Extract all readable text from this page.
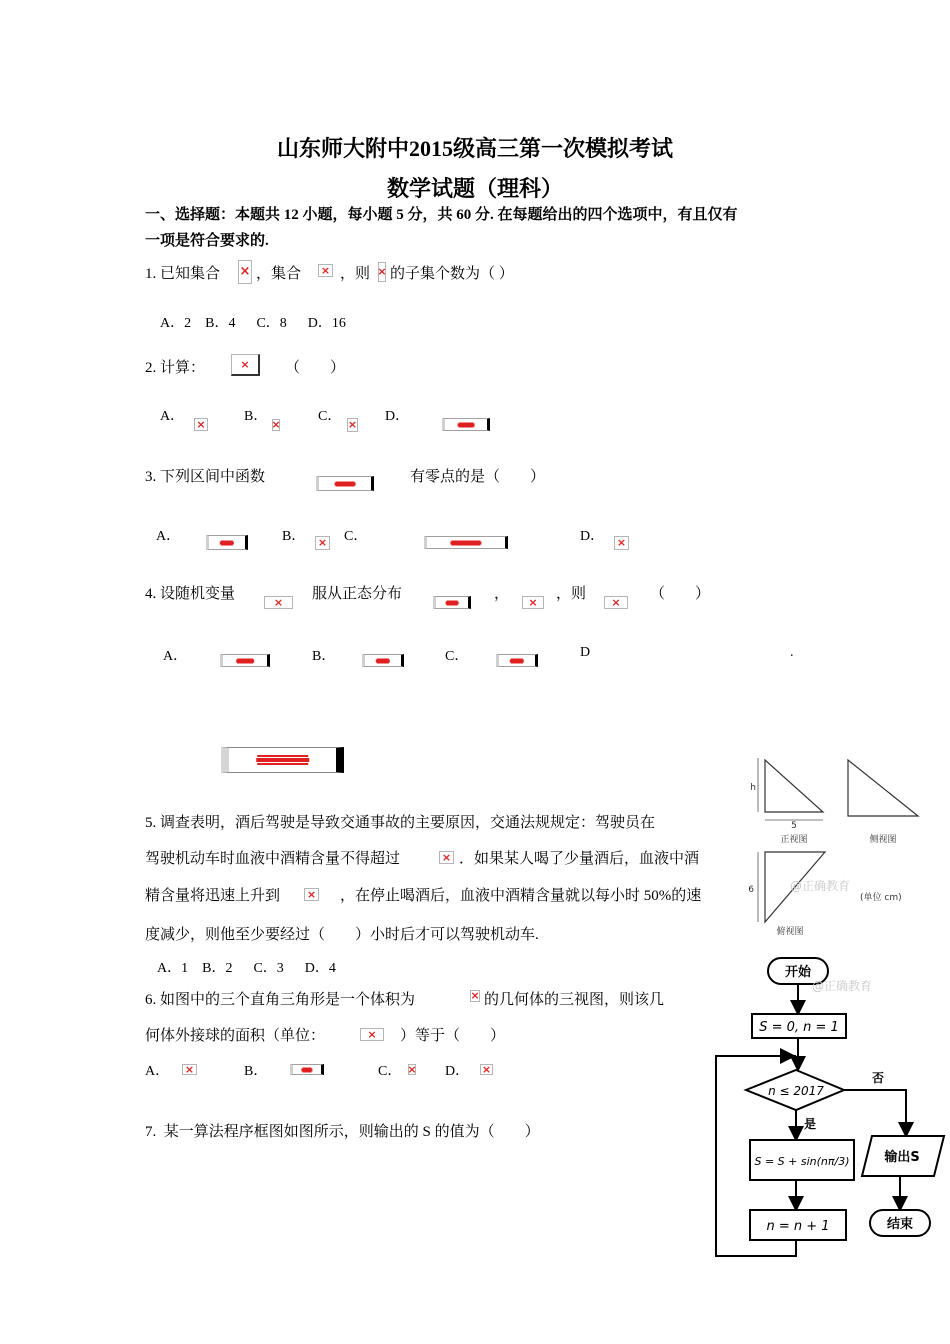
山东师大附中2015级高三第一次模拟考试
数学试题（理科）
一、选择题：本题共 12 小题，每小题 5 分，共 60 分. 在每题给出的四个选项中，有且仅有
一项是符合要求的.
1. 已知集合 × ，集合 ×	，则 × 的子集个数为（ ）
A．2    B．4      C．8      D．16
2. 计算： ×	（        ）
A．
×	B．
×	C．
×	D．
3. 下列区间中函数	有零点的是（        ）
A．	B． ×	C．	D．
×
4. 设随机变量
×	服从正态分布	，
×	，则
×	（        ）
A．	B．	C．	D	.
h
5
正视图	侧视图
6
俯视图
(单位 cm)
@正确教育
5. 调查表明，酒后驾驶是导致交通事故的主要原因，交通法规规定：驾驶员在
驾驶机动车时血液中酒精含量不得超过 ×	．如果某人喝了少量酒后，血液中酒
精含量将迅速上升到 ×	，在停止喝酒后，血液中酒精含量就以每小时 50%的速
度减少，则他至少要经过（        ）小时后才可以驾驶机动车.
A．1    B．2      C．3      D．4
6. 如图中的三个直角三角形是一个体积为 ×	的几何体的三视图，则该几
何体外接球的面积（单位： ×	）等于（        ）
A． ×	B．	C． ×	D．
×
7.  某一算法程序框图如图所示，则输出的 S 的值为（        ）
开始
@正确教育
S = 0, n = 1
n ≤ 2017
否
是
S = S + sin(nπ/3)
n = n + 1
输出S
结束
